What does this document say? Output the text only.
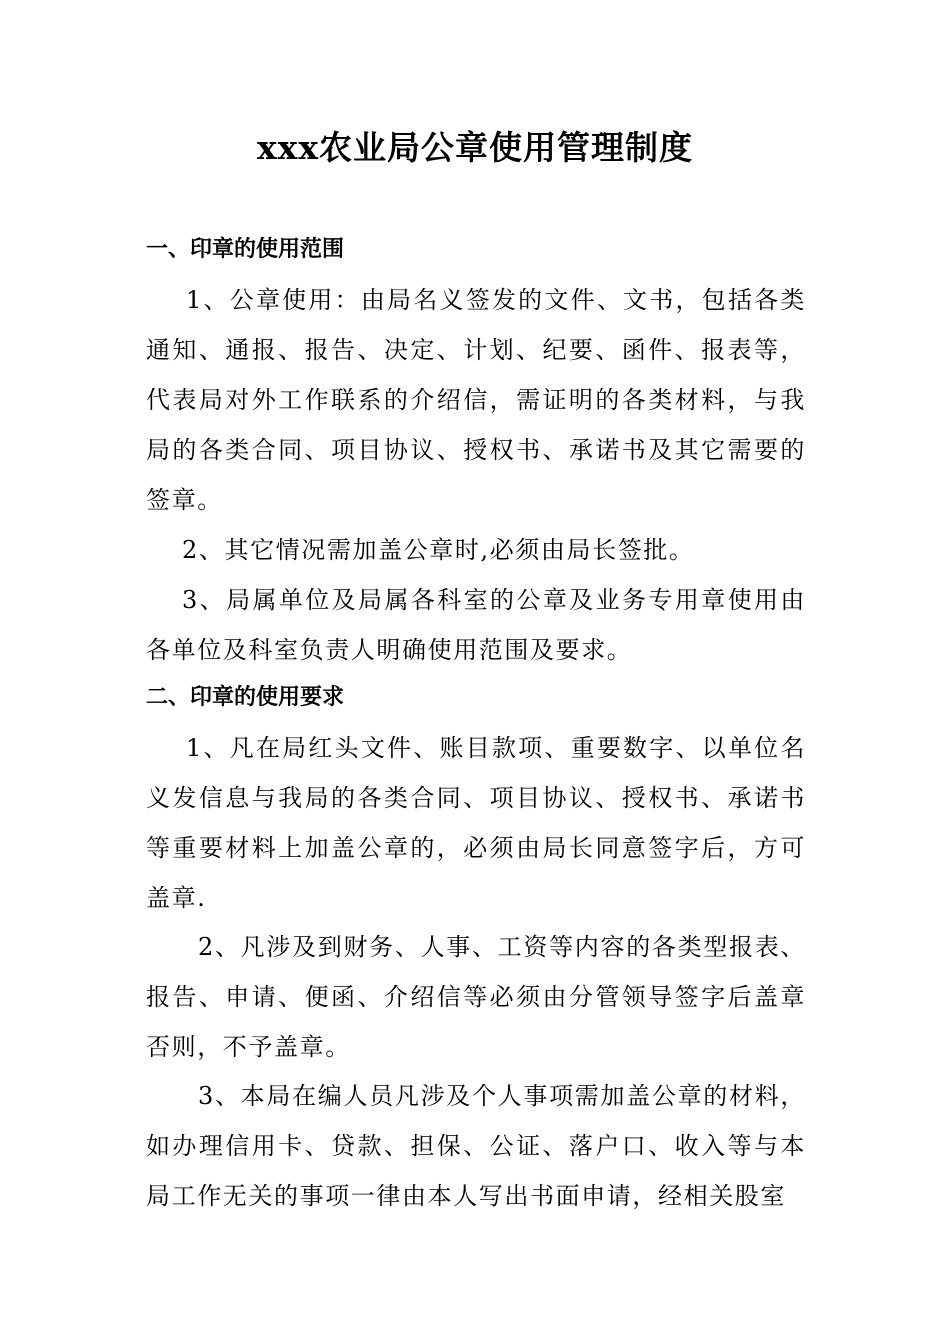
xxx农业局公章使用管理制度
一、印章的使用范围

1、公章使用：由局名义签发的文件、文书，包括各类通知、通报、报告、决定、计划、纪要、函件、报表等，代表局对外工作联系的介绍信，需证明的各类材料，与我局的各类合同、项目协议、授权书、承诺书及其它需要的签章。

2、其它情况需加盖公章时,必须由局长签批。

3、局属单位及局属各科室的公章及业务专用章使用由各单位及科室负责人明确使用范围及要求。

二、印章的使用要求

1、凡在局红头文件、账目款项、重要数字、以单位名义发信息与我局的各类合同、项目协议、授权书、承诺书等重要材料上加盖公章的，必须由局长同意签字后，方可盖章.

2、凡涉及到财务、人事、工资等内容的各类型报表、报告、申请、便函、介绍信等必须由分管领导签字后盖章否则，不予盖章。

3、本局在编人员凡涉及个人事项需加盖公章的材料，如办理信用卡、贷款、担保、公证、落户口、收入等与本局工作无关的事项一律由本人写出书面申请，经相关股室
